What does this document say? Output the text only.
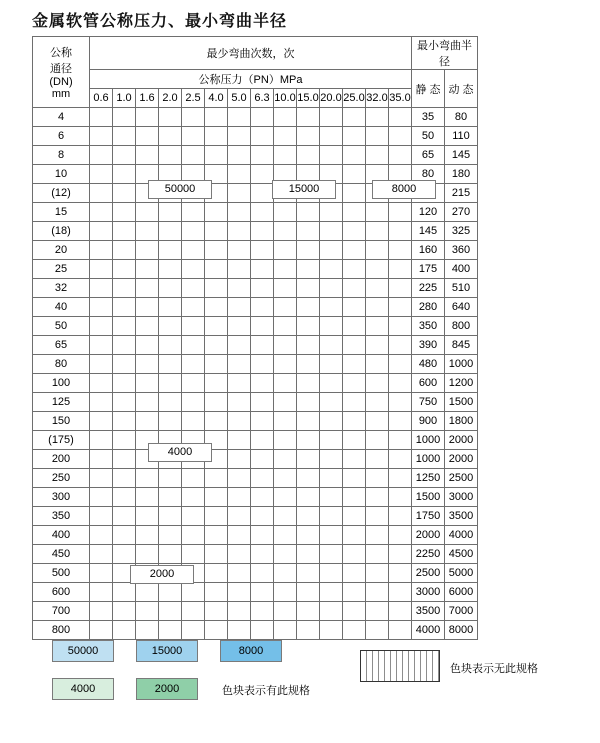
金属软管公称压力、最小弯曲半径
公称
通径
(DN)
mm	最少弯曲次数，次														最小弯曲半径	
	公称压力（PN）MPa														静 态	动 态
	0.6	1.0	1.6	2.0	2.5	4.0	5.0	6.3	10.0	15.0	20.0	25.0	32.0	35.0		
4															35	80
6															50	110
8															65	145
10															80	180
(12)																215
15															120	270
(18)															145	325
20															160	360
25															175	400
32															225	510
40															280	640
50															350	800
65															390	845
80															480	1000
100															600	1200
125															750	1500
150															900	1800
(175)															1000	2000
200															1000	2000
250															1250	2500
300															1500	3000
350															1750	3500
400															2000	4000
450															2250	4500
500															2500	5000
600															3000	6000
700															3500	7000
800															4000	8000
50000	15000	8000
4000
2000
50000	15000	8000
4000	2000	色块表示有此规格
色块表示无此规格
